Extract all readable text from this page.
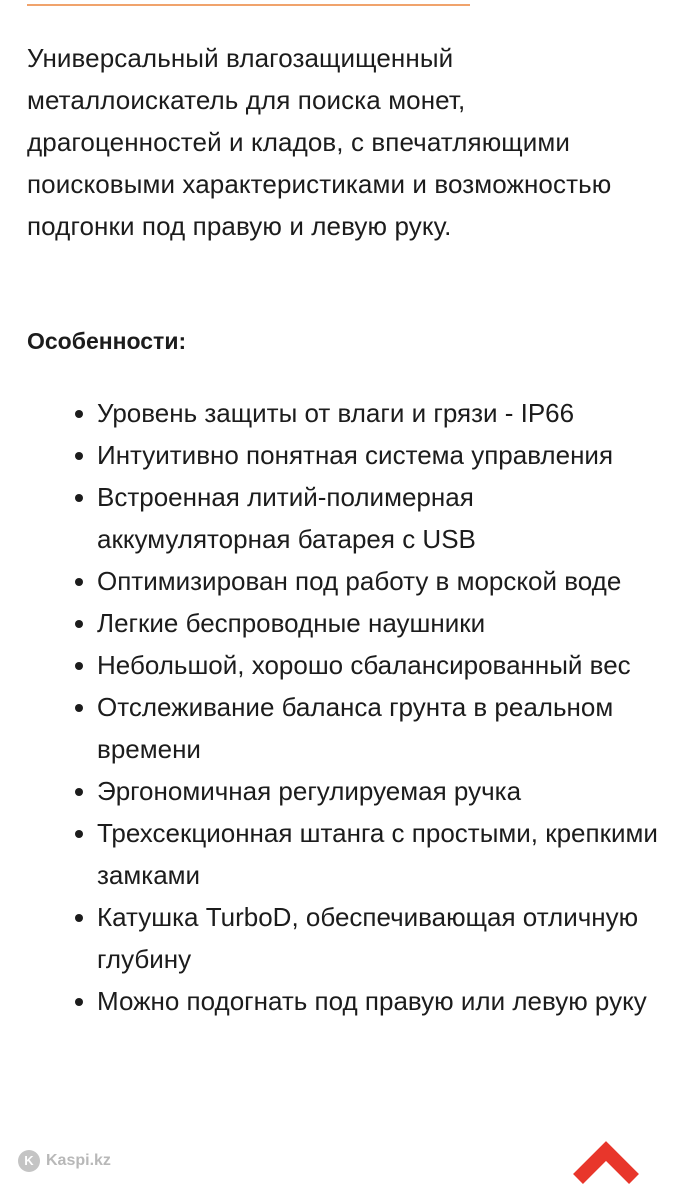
Универсальный влагозащищенный металлоискатель для поиска монет, драгоценностей и кладов, с впечатляющими поисковыми характеристиками и возможностью подгонки под правую и левую руку.

Особенности:
Уровень защиты от влаги и грязи - IP66
Интуитивно понятная система управления
Встроенная литий-полимерная аккумуляторная батарея с USB
Оптимизирован под работу в морской воде
Легкие беспроводные наушники
Небольшой, хорошо сбалансированный вес
Отслеживание баланса грунта в реальном времени
Эргономичная регулируемая ручка
Трехсекционная штанга с простыми, крепкими замками
Катушка TurboD, обеспечивающая отличную глубину
Можно подогнать под правую или левую руку
K Kaspi.kz
